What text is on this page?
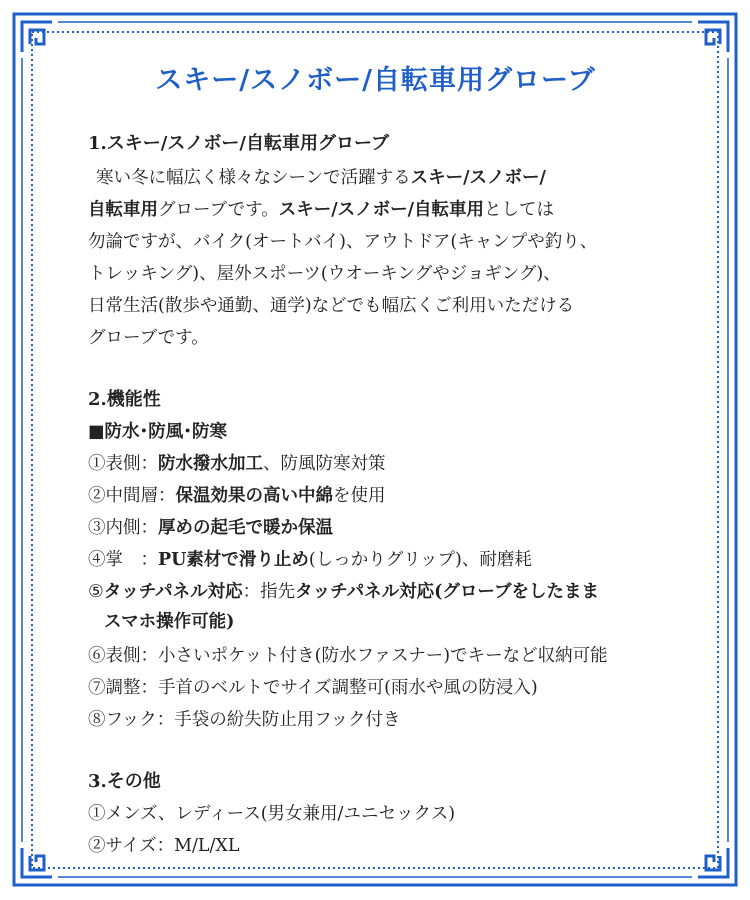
スキー/スノボー/自転車用グローブ
1.スキー/スノボー/自転車用グローブ
寒い冬に幅広く様々なシーンで活躍するスキー/スノボー/
自転車用グローブです。スキー/スノボー/自転車用としては
勿論ですが、バイク(オートバイ)、アウトドア(キャンプや釣り、
トレッキング)、屋外スポーツ(ウオーキングやジョギング)、
日常生活(散歩や通勤、通学)などでも幅広くご利用いただける
グローブです。
2.機能性
■防水･防風･防寒
①表側：防水撥水加工、防風防寒対策
②中間層：保温効果の高い中綿を使用
③内側：厚めの起毛で暖か保温
④掌　：PU素材で滑り止め(しっかりグリップ)、耐磨耗
⑤タッチパネル対応：指先タッチパネル対応(グローブをしたまま
スマホ操作可能)
⑥表側：小さいポケット付き(防水ファスナー)でキーなど収納可能
⑦調整：手首のベルトでサイズ調整可(雨水や風の防浸入)
⑧フック：手袋の紛失防止用フック付き
3.その他
①メンズ、レディース(男女兼用/ユニセックス)
②サイズ：M/L/XL
